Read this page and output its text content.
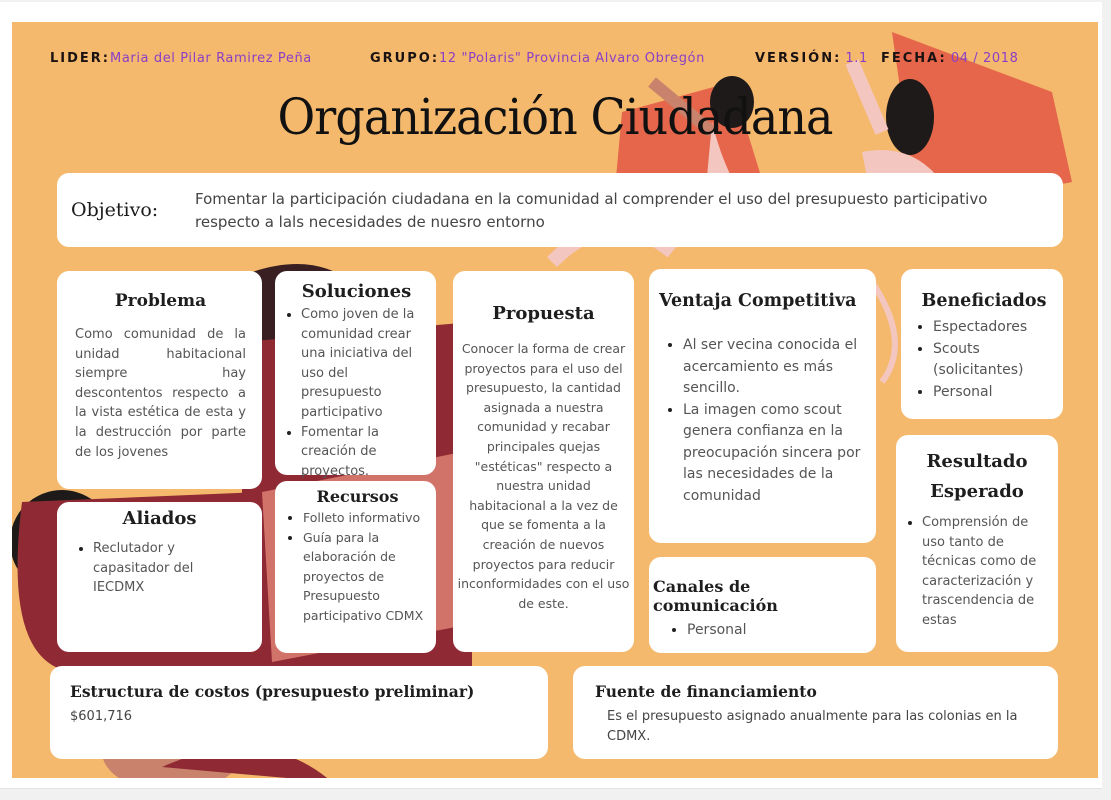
LIDER:Maria del Pilar Ramirez Peña	GRUPO:12 "Polaris" Provincia Alvaro Obregón	VERSIÓN: 1.1 FECHA: 04 / 2018
Organización Ciudadana
Objetivo: Fomentar la participación ciudadana en la comunidad al comprender el uso del presupuesto participativo respecto a lals necesidades de nuesro entorno
Problema
Como comunidad de la unidad habitacional siempre hay descontentos respecto a la vista estética de esta y la destrucción por parte de los jovenes
Soluciones
• Como joven de la comunidad crear una iniciativa del uso del presupuesto participativo
• Fomentar la creación de proyectos.
Aliados
• Reclutador y capasitador del IECDMX
Recursos
• Folleto informativo
• Guía para la elaboración de proyectos de Presupuesto participativo CDMX
Propuesta
Conocer la forma de crear proyectos para el uso del presupuesto, la cantidad asignada a nuestra comunidad y recabar principales quejas "estéticas" respecto a nuestra unidad habitacional a la vez de que se fomenta a la creación de nuevos proyectos para reducir inconformidades con el uso de este.
Ventaja Competitiva
• Al ser vecina conocida el acercamiento es más sencillo.
• La imagen como scout genera confianza en la preocupación sincera por las necesidades de la comunidad
Beneficiados
• Espectadores
• Scouts (solicitantes)
• Personal
Canales de comunicación
• Personal
Resultado
Esperado
• Comprensión de uso tanto de técnicas como de caracterización y trascendencia de estas
Estructura de costos (presupuesto preliminar)
$601,716
Fuente de financiamiento
Es el presupuesto asignado anualmente para las colonias en la CDMX.
